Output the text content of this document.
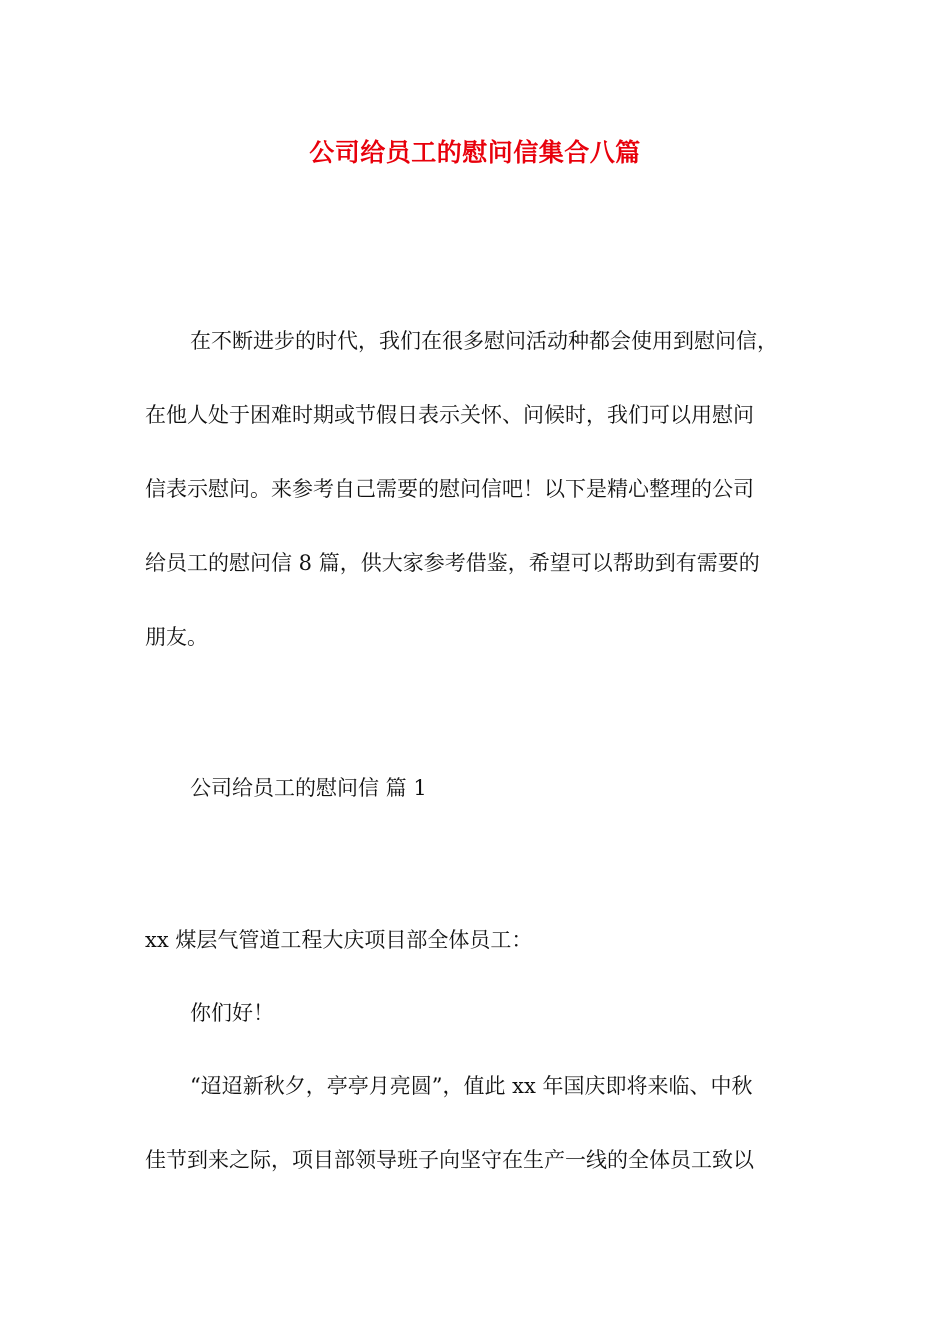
公司给员工的慰问信集合八篇
在不断进步的时代，我们在很多慰问活动种都会使用到慰问信，
在他人处于困难时期或节假日表示关怀、问候时，我们可以用慰问
信表示慰问。来参考自己需要的慰问信吧！以下是精心整理的公司
给员工的慰问信 8 篇，供大家参考借鉴，希望可以帮助到有需要的
朋友。
公司给员工的慰问信 篇 1
xx 煤层气管道工程大庆项目部全体员工：
你们好！
“迢迢新秋夕，亭亭月亮圆”，值此 xx 年国庆即将来临、中秋
佳节到来之际，项目部领导班子向坚守在生产一线的全体员工致以
